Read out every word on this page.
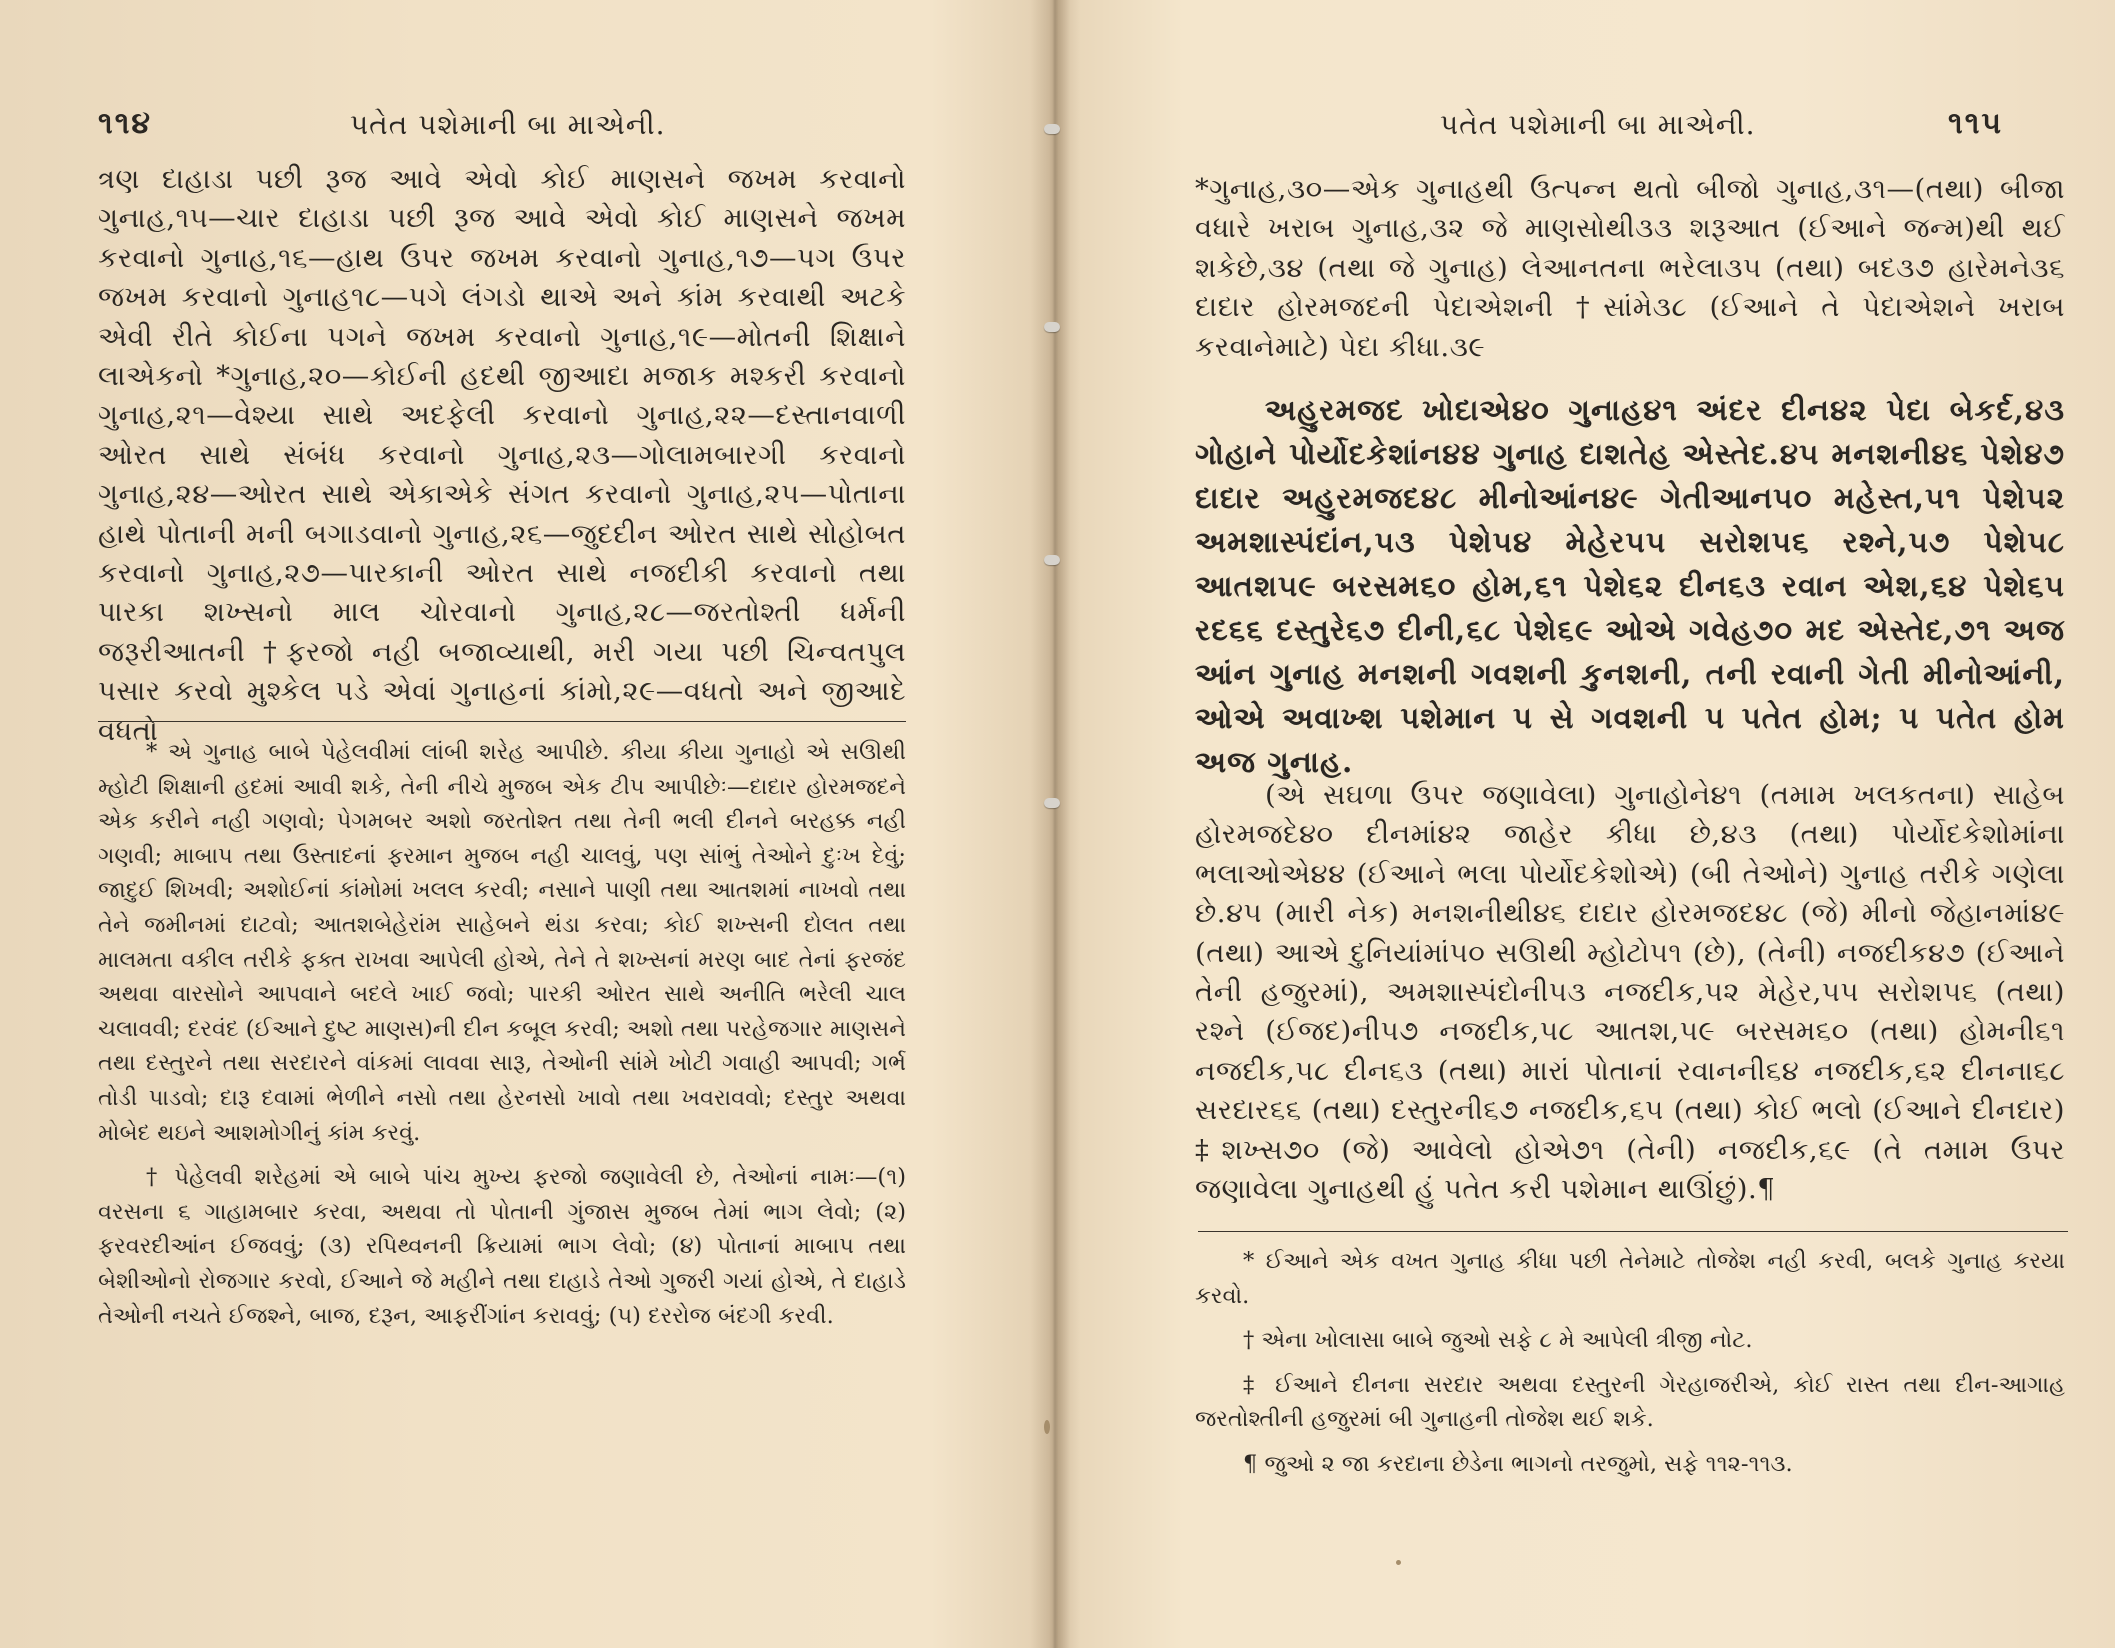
૧૧૪	પતેત પશેમાની બા માએની.

ત્રણ દાહાડા પછી રૂજ આવે એવો કોઈ માણસને જખમ કરવાનો ગુનાહ,૧૫—ચાર દાહાડા પછી રૂજ આવે એવો કોઈ માણસને જખમ કરવાનો ગુનાહ,૧૬—હાથ ઉપર જખમ કરવાનો ગુનાહ,૧૭—પગ ઉપર જખમ કરવાનો ગુનાહ૧૮—પગે લંગડો થાએ અને કાંમ કરવાથી અટકે એવી રીતે કોઈના પગને જખમ કરવાનો ગુનાહ,૧૯—મોતની શિક્ષાને લાએકનો *ગુનાહ,૨૦—કોઈની હદથી જીઆદા મજાક મશ્કરી કરવાનો ગુનાહ,૨૧—વેશ્યા સાથે અદફેલી કરવાનો ગુનાહ,૨૨—દસ્તાનવાળી ઓરત સાથે સંબંધ કરવાનો ગુનાહ,૨૩—ગોલામબારગી કરવાનો ગુનાહ,૨૪—ઓરત સાથે એકાએકે સંગત કરવાનો ગુનાહ,૨૫—પોતાના હાથે પોતાની મની બગાડવાનો ગુનાહ,૨૬—જુદદીન ઓરત સાથે સોહોબત કરવાનો ગુનાહ,૨૭—પારકાની ઓરત સાથે નજદીકી કરવાનો તથા પારકા શખ્સનો માલ ચોરવાનો ગુનાહ,૨૮—જરતોશ્તી ધર્મની જરૂરીઆતની †ફરજો નહી બજાવ્યાથી, મરી ગયા પછી ચિન્વતપુલ પસાર કરવો મુશ્કેલ પડે એવાં ગુનાહનાં કાંમો,૨૯—વધતો અને જીઆદે વધતો

* એ ગુનાહ બાબે પેહેલવીમાં લાંબી શરેહ આપીછે. કીયા કીયા ગુનાહો એ સઊથી મ્હોટી શિક્ષાની હદમાં આવી શકે, તેની નીચે મુજબ એક ટીપ આપીછેઃ—દાદાર હોરમજદને એક કરીને નહી ગણવો; પેગમબર અશો જરતોશ્ત તથા તેની ભલી દીનને બરહક્ક નહી ગણવી; માબાપ તથા ઉસ્તાદનાં ફરમાન મુજબ નહી ચાલવું, પણ સાંભું તેઓને દુઃખ દેવું; જાદુઈ શિખવી; અશોઈનાં કાંમોમાં ખલલ કરવી; નસાને પાણી તથા આતશમાં નાખવો તથા તેને જમીનમાં દાટવો; આતશબેહેરાંમ સાહેબને થંડા કરવા; કોઈ શખ્સની દોલત તથા માલમતા વકીલ તરીકે ફક્ત રાખવા આપેલી હોએ, તેને તે શખ્સનાં મરણ બાદ તેનાં ફરજંદ અથવા વારસોને આપવાને બદલે ખાઈ જવો; પારકી ઓરત સાથે અનીતિ ભરેલી ચાલ ચલાવવી; દરવંદ (ઈઆને દુષ્ટ માણસ)ની દીન કબૂલ કરવી; અશો તથા પરહેજગાર માણસને તથા દસ્તુરને તથા સરદારને વાંકમાં લાવવા સારૂ, તેઓની સાંમે ખોટી ગવાહી આપવી; ગર્ભ તોડી પાડવો; દારૂ દવામાં ભેળીને નસો તથા હેરનસો ખાવો તથા ખવરાવવો; દસ્તુર અથવા મોબેદ થઇને આશમોગીનું કાંમ કરવું.

† પેહેલવી શરેહમાં એ બાબે પાંચ મુખ્ય ફરજો જણાવેલી છે, તેઓનાં નામઃ—(૧) વરસના ૬ ગાહામબાર કરવા, અથવા તો પોતાની ગુંજાસ મુજબ તેમાં ભાગ લેવો; (૨) ફરવરદીઆંન ઈજવવું; (૩) રપિથ્વનની ક્રિયામાં ભાગ લેવો; (૪) પોતાનાં માબાપ તથા બેશીઓનો રોજગાર કરવો, ઈઆને જે મહીને તથા દાહાડે તેઓ ગુજરી ગયાં હોએ, તે દાહાડે તેઓની નચતે ઈજશ્ને, બાજ, દરૂન, આફરીંગાંન કરાવવું; (૫) દરરોજ બંદગી કરવી.

પતેત પશેમાની બા માએની.	૧૧૫

*ગુનાહ,૩૦—એક ગુનાહથી ઉત્પન્ન થતો બીજો ગુનાહ,૩૧—(તથા) બીજા વધારે ખરાબ ગુનાહ,૩૨ જે માણસોથી૩૩ શરૂઆત (ઈઆને જન્મ)થી થઈ શકેછે,૩૪ (તથા જે ગુનાહ) લેઆનતના ભરેલા૩૫ (તથા) બદ૩૭ હારેમને૩૬ દાદાર હોરમજદની પેદાએશની †સાંમે૩૮ (ઈઆને તે પેદાએશને ખરાબ કરવાનેમાટે) પેદા કીધા.૩૯

અહુરમજદ ખોદાએ૪૦ ગુનાહ૪૧ અંદર દીન૪૨ પેદા બેકર્દ,૪૩ ગોહાને પોર્યોદકેશાંન૪૪ ગુનાહ દાશતેહ એસ્તેદ.૪૫ મનશની૪૬ પેશે૪૭ દાદાર અહુરમજદ૪૮ મીનોઆંન૪૯ ગેતીઆન૫૦ મહેસ્ત,૫૧ પેશે૫૨ અમશાસ્પંદાંન,૫૩ પેશે૫૪ મેહેર૫૫ સરોશ૫૬ રશ્ને,૫૭ પેશે૫૮ આતશ૫૯ બરસમ૬૦ હોમ,૬૧ પેશે૬૨ દીન૬૩ રવાન એશ,૬૪ પેશે૬૫ રદ૬૬ દસ્તુરે૬૭ દીની,૬૮ પેશે૬૯ ઓએ ગવેહ૭૦ મદ એસ્તેદ,૭૧ અજ આંન ગુનાહ મનશની ગવશની કુનશની, તની રવાની ગેતી મીનોઆંની, ઓએ અવાખ્શ પશેમાન પ સે ગવશની પ પતેત હોમ; પ પતેત હોમ અજ ગુનાહ.

(એ સઘળા ઉપર જણાવેલા) ગુનાહોને૪૧ (તમામ ખલકતના) સાહેબ હોરમજદે૪૦ દીનમાં૪૨ જાહેર કીધા છે,૪૩ (તથા) પોર્યોદકેશોમાંના ભલાઓએ૪૪ (ઈઆને ભલા પોર્યોદકેશોએ) (બી તેઓને) ગુનાહ તરીકે ગણેલા છે.૪૫ (મારી નેક) મનશનીથી૪૬ દાદાર હોરમજદ૪૮ (જે) મીનો જેહાનમાં૪૯ (તથા) આએ દુનિયાંમાં૫૦ સઊથી મ્હોટો૫૧ (છે), (તેની) નજદીક૪૭ (ઈઆને તેની હજુરમાં), અમશાસ્પંદોની૫૩ નજદીક,૫૨ મેહેર,૫૫ સરોશ૫૬ (તથા) રશ્ને (ઈજદ)ની૫૭ નજદીક,૫૮ આતશ,૫૯ બરસમ૬૦ (તથા) હોમની૬૧ નજદીક,૫૮ દીન૬૩ (તથા) મારાં પોતાનાં રવાનની૬૪ નજદીક,૬૨ દીનના૬૮ સરદાર૬૬ (તથા) દસ્તુરની૬૭ નજદીક,૬૫ (તથા) કોઈ ભલો (ઈઆને દીનદાર) ‡શખ્સ૭૦ (જે) આવેલો હોએ૭૧ (તેની) નજદીક,૬૯ (તે તમામ ઉપર જણાવેલા ગુનાહથી હું પતેત કરી પશેમાન થાઊંછું).¶

* ઈઆને એક વખત ગુનાહ કીધા પછી તેનેમાટે તોજેશ નહી કરવી, બલકે ગુનાહ કરયા કરવો.

† એના ખોલાસા બાબે જુઓ સફે ૮ મે આપેલી ત્રીજી નોટ.

‡ ઈઆને દીનના સરદાર અથવા દસ્તુરની ગેરહાજરીએ, કોઈ રાસ્ત તથા દીન-આગાહ જરતોશ્તીની હજુરમાં બી ગુનાહની તોજેશ થઈ શકે.

¶ જુઓ ૨ જા કરદાના છેડેના ભાગનો તરજુમો, સફે ૧૧૨-૧૧૩.
